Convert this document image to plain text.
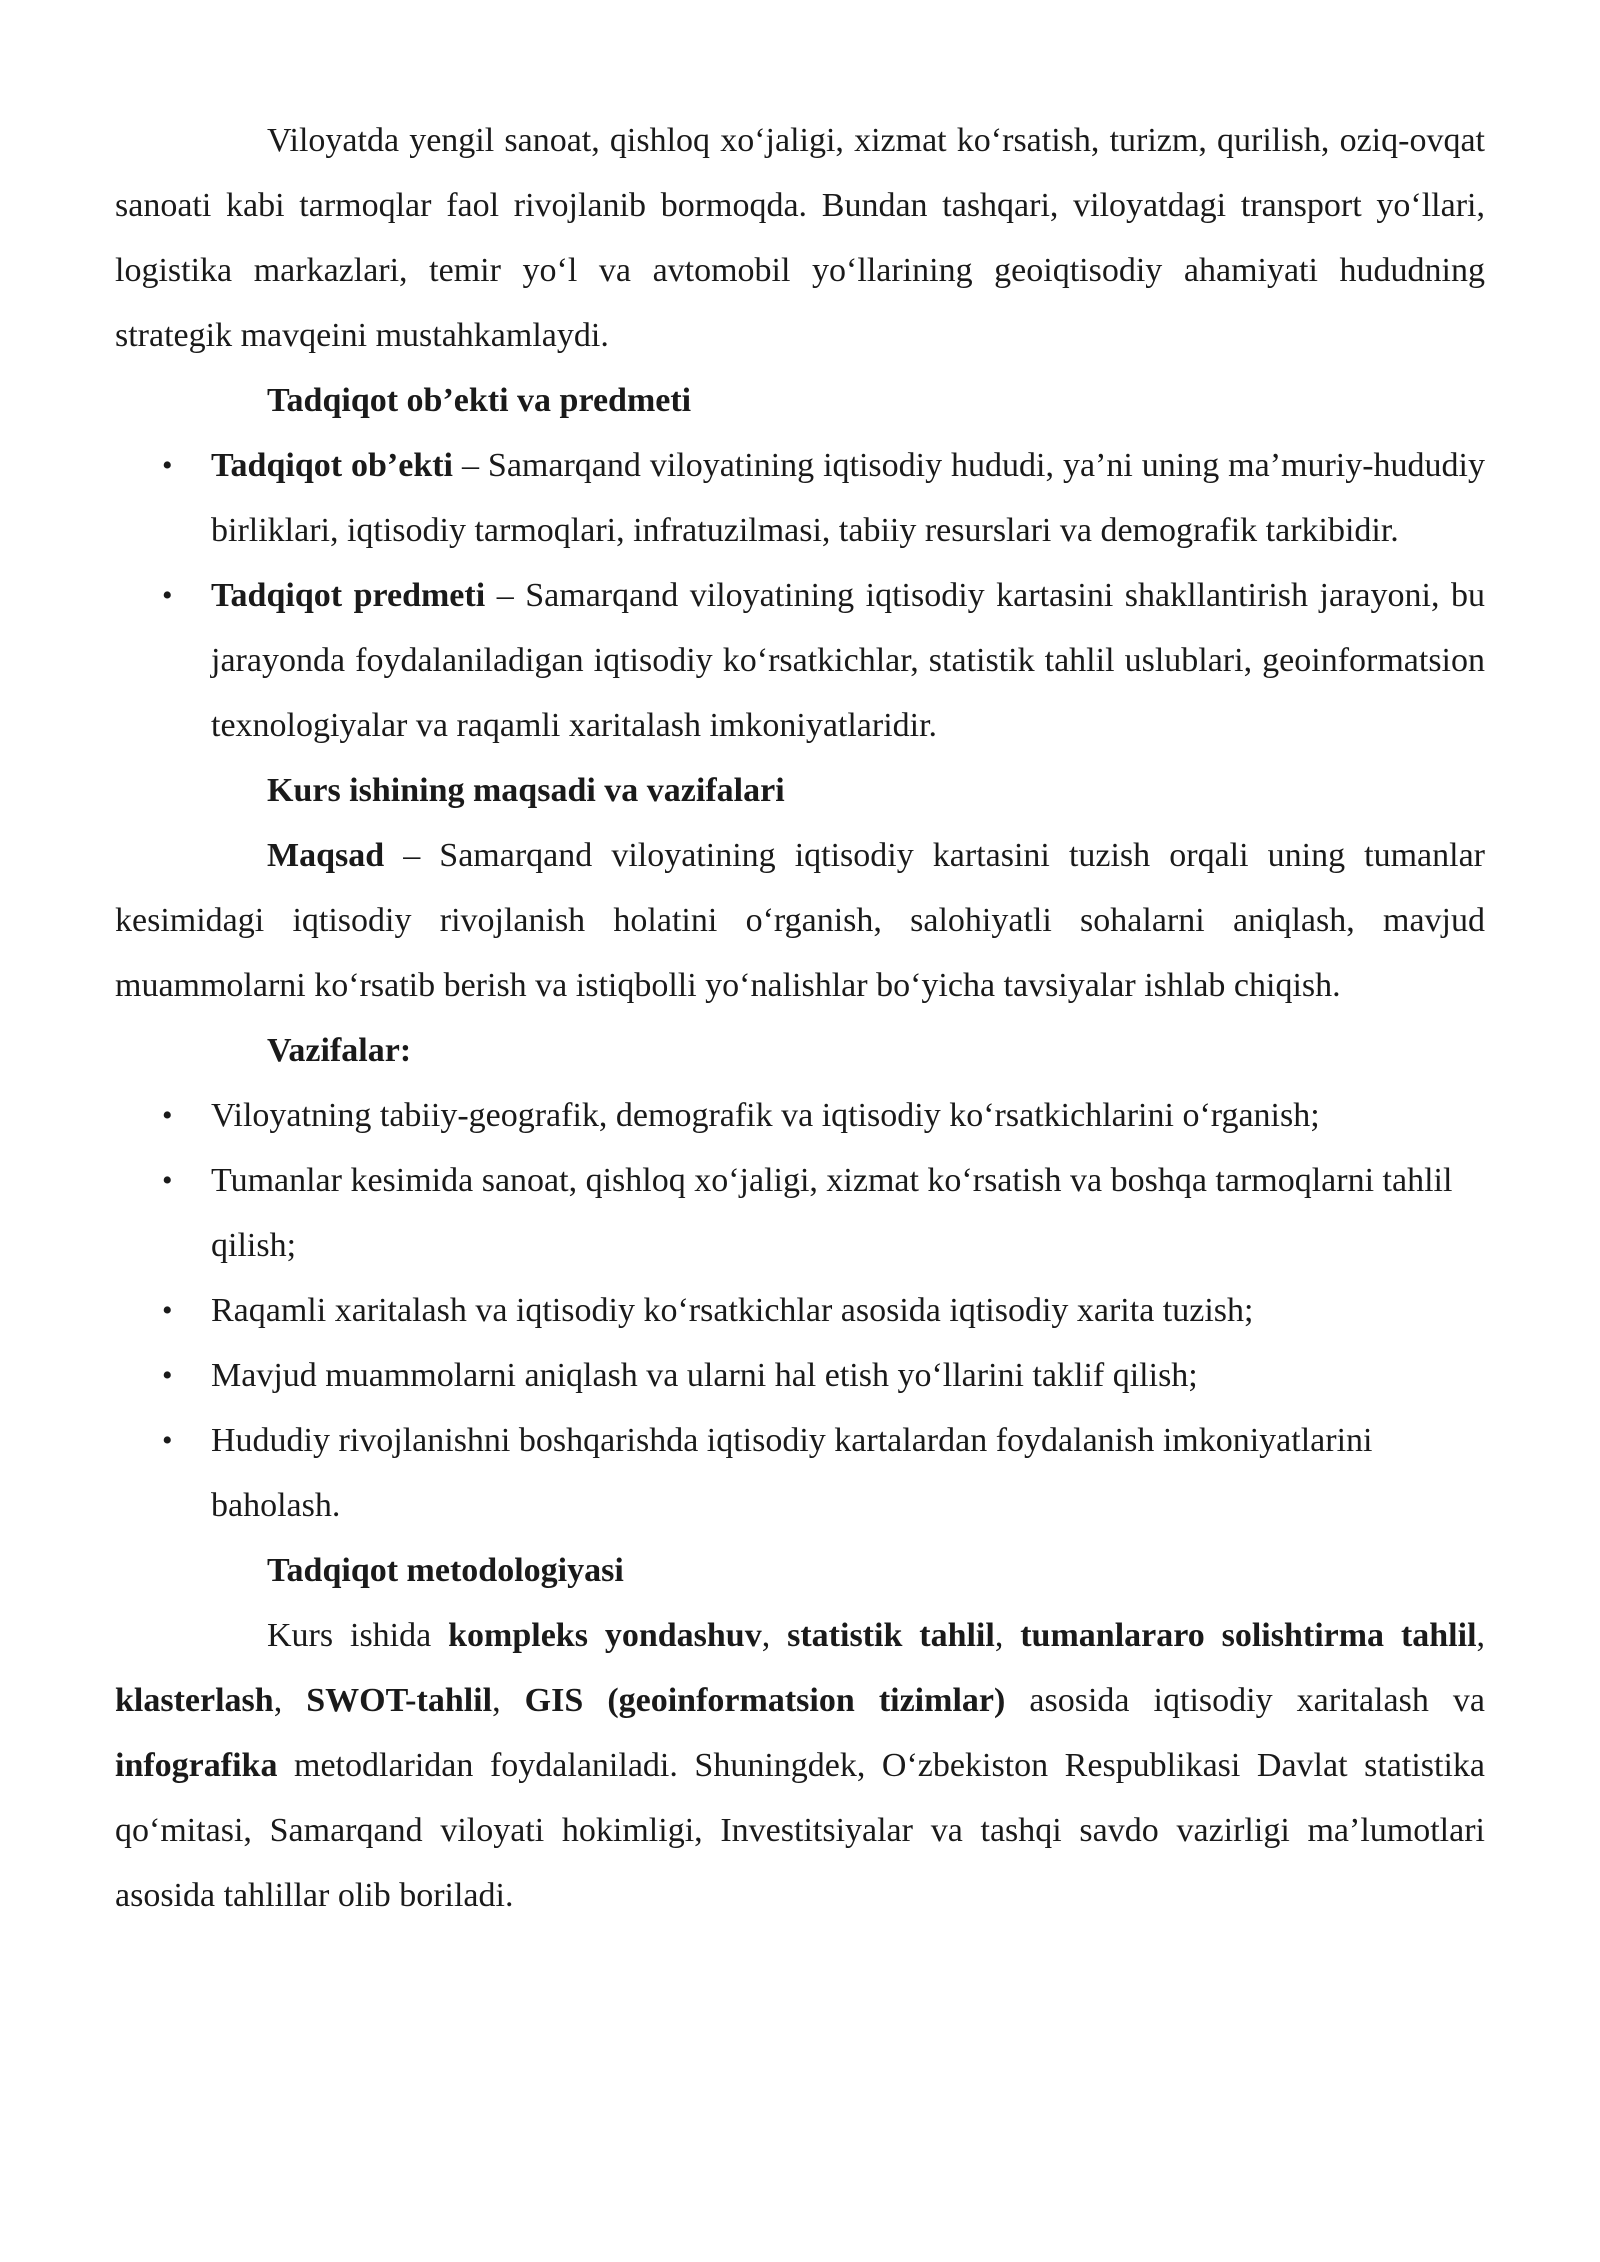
Viloyatda yengil sanoat, qishloq xo‘jaligi, xizmat ko‘rsatish, turizm, qurilish, oziq-ovqat sanoati kabi tarmoqlar faol rivojlanib bormoqda. Bundan tashqari, viloyatdagi transport yo‘llari, logistika markazlari, temir yo‘l va avtomobil yo‘llarining geoiqtisodiy ahamiyati hududning strategik mavqeini mustahkamlaydi.

Tadqiqot ob’ekti va predmeti
• Tadqiqot ob’ekti – Samarqand viloyatining iqtisodiy hududi, ya’ni uning ma’muriy-hududiy birliklari, iqtisodiy tarmoqlari, infratuzilmasi, tabiiy resurslari va demografik tarkibidir.
• Tadqiqot predmeti – Samarqand viloyatining iqtisodiy kartasini shakllantirish jarayoni, bu jarayonda foydalaniladigan iqtisodiy ko‘rsatkichlar, statistik tahlil uslublari, geoinformatsion texnologiyalar va raqamli xaritalash imkoniyatlaridir.
Kurs ishining maqsadi va vazifalari

Maqsad – Samarqand viloyatining iqtisodiy kartasini tuzish orqali uning tumanlar kesimidagi iqtisodiy rivojlanish holatini o‘rganish, salohiyatli sohalarni aniqlash, mavjud muammolarni ko‘rsatib berish va istiqbolli yo‘nalishlar bo‘yicha tavsiyalar ishlab chiqish.

Vazifalar:
• Viloyatning tabiiy-geografik, demografik va iqtisodiy ko‘rsatkichlarini o‘rganish;
• Tumanlar kesimida sanoat, qishloq xo‘jaligi, xizmat ko‘rsatish va boshqa tarmoqlarni tahlil qilish;
• Raqamli xaritalash va iqtisodiy ko‘rsatkichlar asosida iqtisodiy xarita tuzish;
• Mavjud muammolarni aniqlash va ularni hal etish yo‘llarini taklif qilish;
• Hududiy rivojlanishni boshqarishda iqtisodiy kartalardan foydalanish imkoniyatlarini baholash.
Tadqiqot metodologiyasi

Kurs ishida kompleks yondashuv, statistik tahlil, tumanlararo solishtirma tahlil, klasterlash, SWOT-tahlil, GIS (geoinformatsion tizimlar) asosida iqtisodiy xaritalash va infografika metodlaridan foydalaniladi. Shuningdek, O‘zbekiston Respublikasi Davlat statistika qo‘mitasi, Samarqand viloyati hokimligi, Investitsiyalar va tashqi savdo vazirligi ma’lumotlari asosida tahlillar olib boriladi.
